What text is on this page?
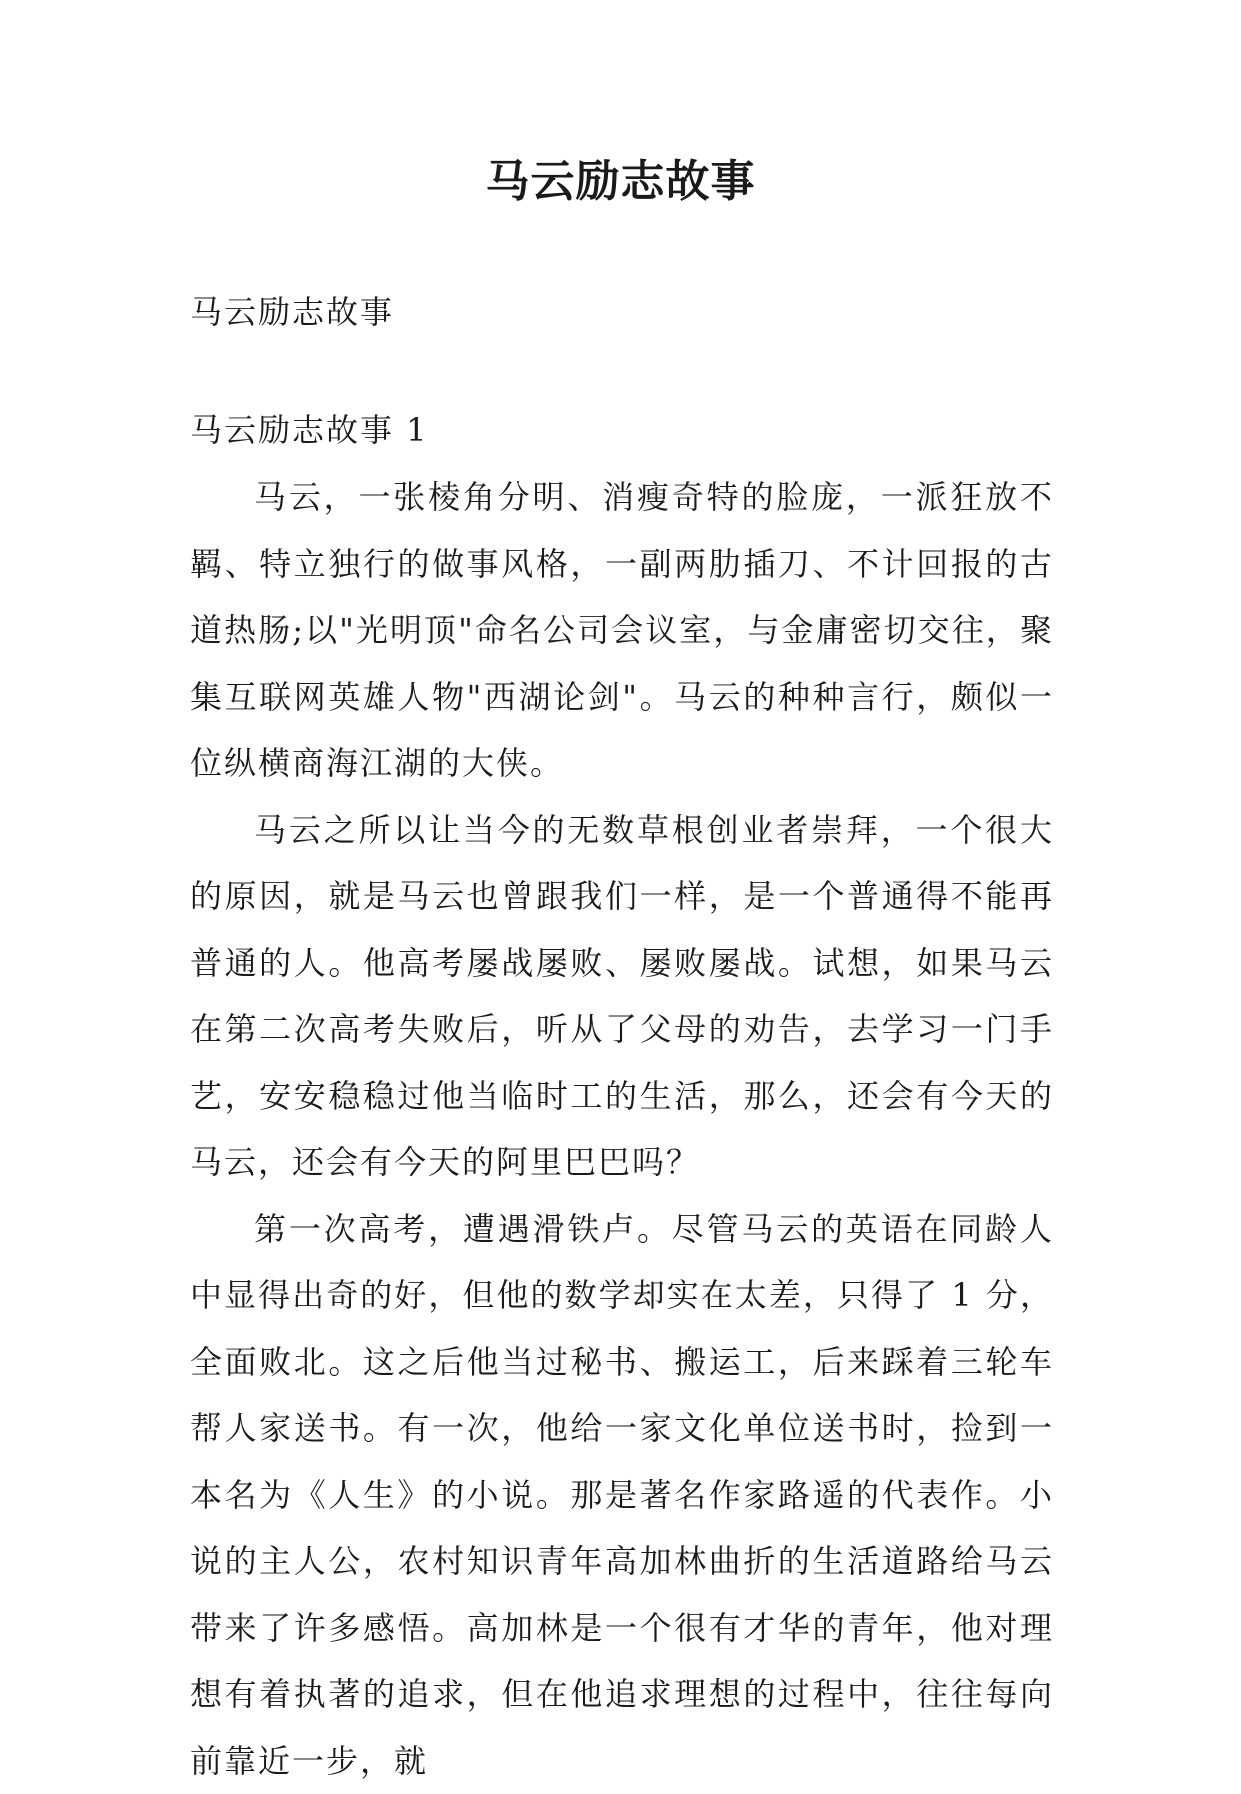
马云励志故事
马云励志故事
马云励志故事 1

马云，一张棱角分明、消瘦奇特的脸庞，一派狂放不羁、特立独行的做事风格，一副两肋插刀、不计回报的古道热肠;以"光明顶"命名公司会议室，与金庸密切交往，聚集互联网英雄人物"西湖论剑"。马云的种种言行，颇似一位纵横商海江湖的大侠。

马云之所以让当今的无数草根创业者崇拜，一个很大的原因，就是马云也曾跟我们一样，是一个普通得不能再普通的人。他高考屡战屡败、屡败屡战。试想，如果马云在第二次高考失败后，听从了父母的劝告，去学习一门手艺，安安稳稳过他当临时工的生活，那么，还会有今天的马云，还会有今天的阿里巴巴吗？

第一次高考，遭遇滑铁卢。尽管马云的英语在同龄人中显得出奇的好，但他的数学却实在太差，只得了 1 分，全面败北。这之后他当过秘书、搬运工，后来踩着三轮车帮人家送书。有一次，他给一家文化单位送书时，捡到一本名为《人生》的小说。那是著名作家路遥的代表作。小说的主人公，农村知识青年高加林曲折的生活道路给马云带来了许多感悟。高加林是一个很有才华的青年，他对理想有着执著的追求，但在他追求理想的过程中，往往每向前靠近一步，就
